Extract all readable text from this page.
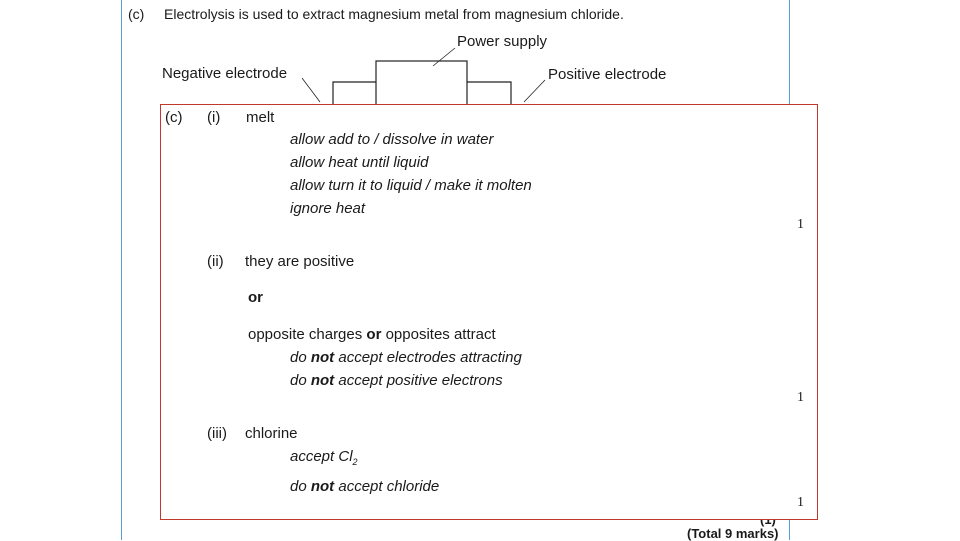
(c) Electrolysis is used to extract magnesium metal from magnesium chloride.
Power supply
Negative electrode	Positive electrode
(Total 9 marks)
(c) (i) melt
allow add to / dissolve in water
allow heat until liquid
allow turn it to liquid / make it molten
ignore heat
1
(ii) they are positive
or
opposite charges or opposites attract
do not accept electrodes attracting
do not accept positive electrons
1
(iii) chlorine
accept $Cl_2$
do not accept chloride
1
